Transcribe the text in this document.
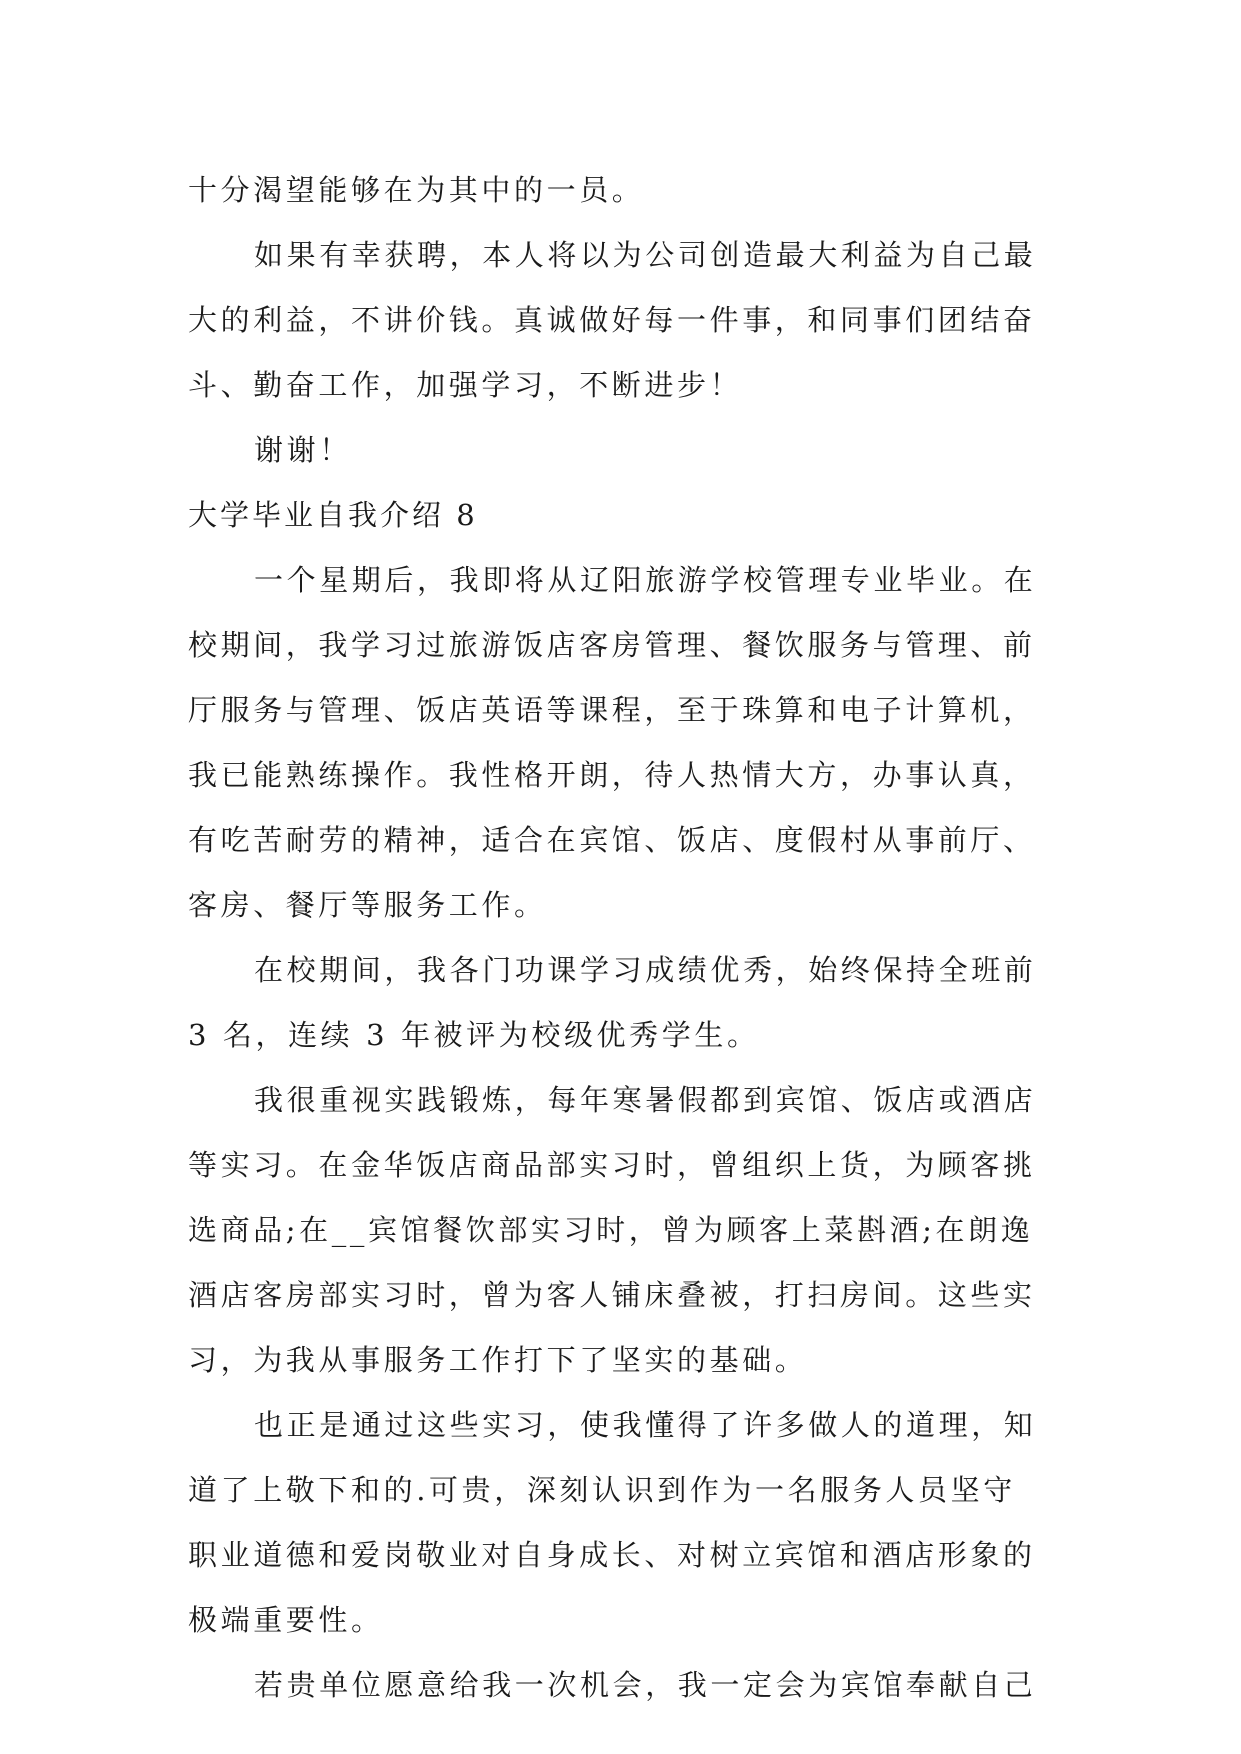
十分渴望能够在为其中的一员。
如果有幸获聘，本人将以为公司创造最大利益为自己最
大的利益，不讲价钱。真诚做好每一件事，和同事们团结奋
斗、勤奋工作，加强学习，不断进步！
谢谢！
大学毕业自我介绍 8
一个星期后，我即将从辽阳旅游学校管理专业毕业。在
校期间，我学习过旅游饭店客房管理、餐饮服务与管理、前
厅服务与管理、饭店英语等课程，至于珠算和电子计算机，
我已能熟练操作。我性格开朗，待人热情大方，办事认真，
有吃苦耐劳的精神，适合在宾馆、饭店、度假村从事前厅、
客房、餐厅等服务工作。
在校期间，我各门功课学习成绩优秀，始终保持全班前
3 名，连续 3 年被评为校级优秀学生。
我很重视实践锻炼，每年寒暑假都到宾馆、饭店或酒店
等实习。在金华饭店商品部实习时，曾组织上货，为顾客挑
选商品;在__宾馆餐饮部实习时，曾为顾客上菜斟酒;在朗逸
酒店客房部实习时，曾为客人铺床叠被，打扫房间。这些实
习，为我从事服务工作打下了坚实的基础。
也正是通过这些实习，使我懂得了许多做人的道理，知
道了上敬下和的.可贵，深刻认识到作为一名服务人员坚守
职业道德和爱岗敬业对自身成长、对树立宾馆和酒店形象的
极端重要性。
若贵单位愿意给我一次机会，我一定会为宾馆奉献自己
